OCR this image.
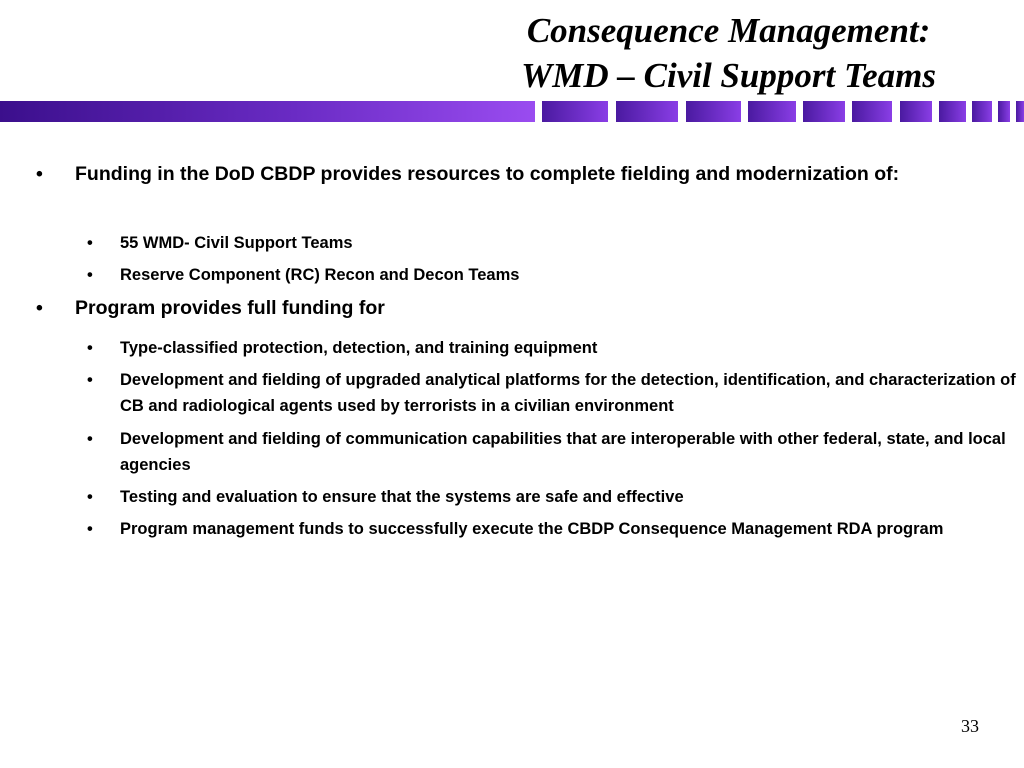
Consequence Management:
WMD – Civil Support Teams
• Funding in the DoD CBDP provides resources to complete fielding and modernization of:
• 55 WMD- Civil Support Teams
• Reserve Component (RC) Recon and Decon Teams
• Program provides full funding for
• Type-classified protection, detection, and training equipment
• Development and fielding of upgraded analytical platforms for the detection, identification, and characterization of CB and radiological agents used by terrorists in a civilian environment
• Development and fielding of communication capabilities that are interoperable with other federal, state, and local agencies
• Testing and evaluation to ensure that the systems are safe and effective
• Program management funds to successfully execute the CBDP Consequence Management RDA program
33
